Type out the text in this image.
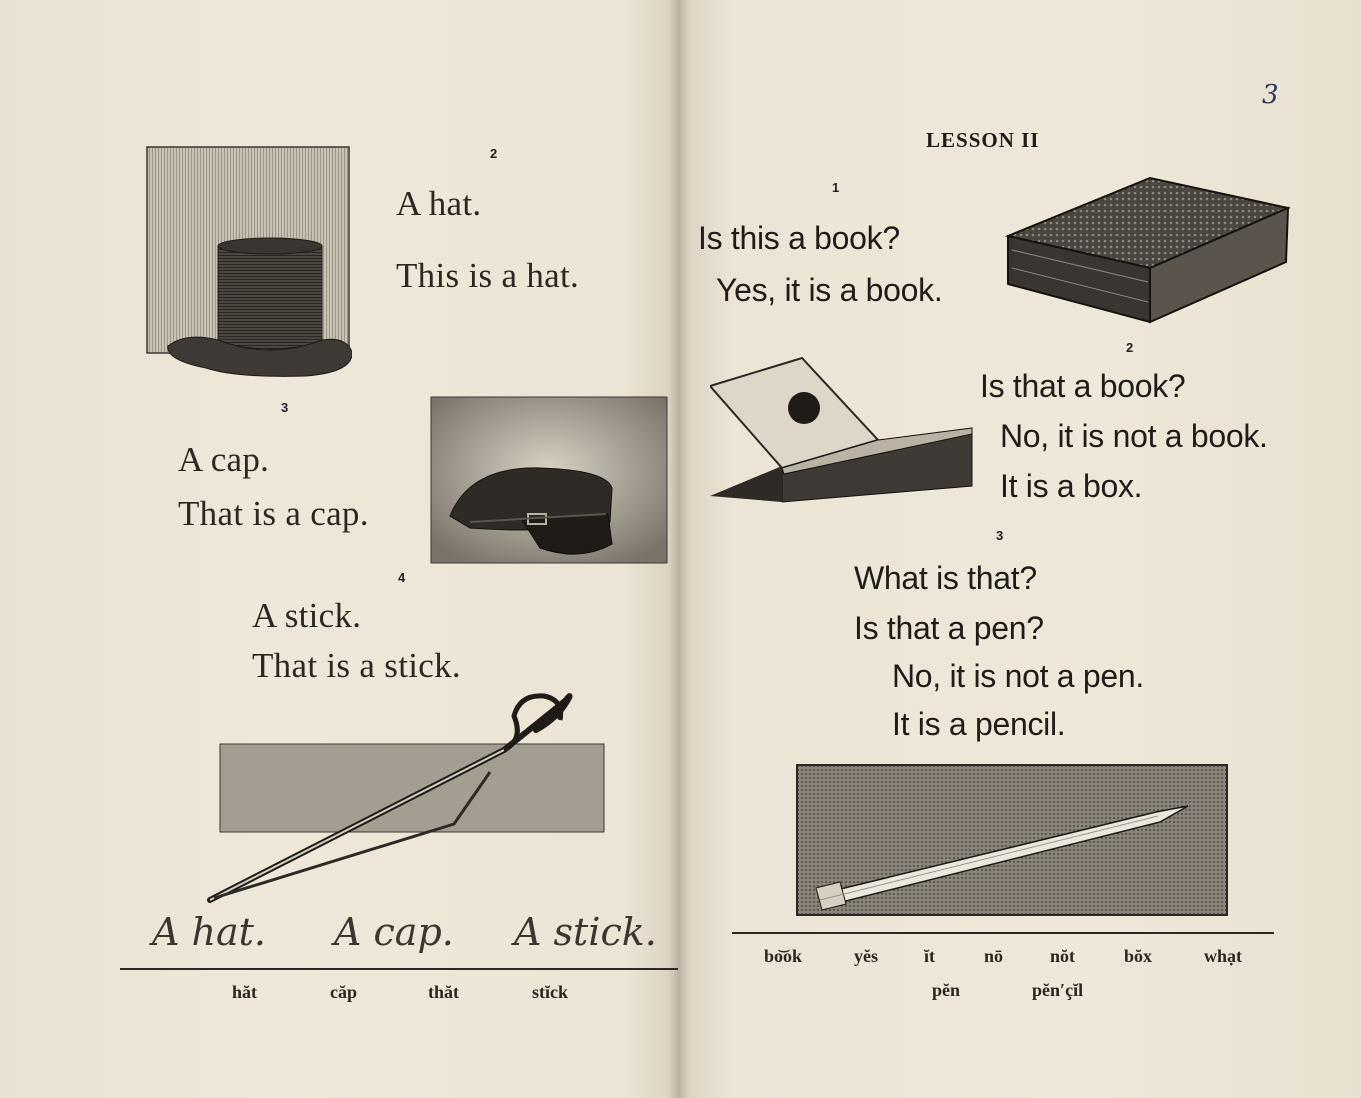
2
A hat.
This is a hat.
3
A cap.
That is a cap.
4
A stick.
That is a stick.
A hat. A cap. A stick.
hăt	căp	thăt	stĭck
3
LESSON II
1
Is this a book?
Yes, it is a book.
2
Is that a book?
No, it is not a book.
It is a box.
3
What is that?
Is that a pen?
No, it is not a pen.
It is a pencil.
bo͝ok	yĕs	ĭt	nō	nŏt	bŏx	whạt
pĕn	pĕn′çĭl
